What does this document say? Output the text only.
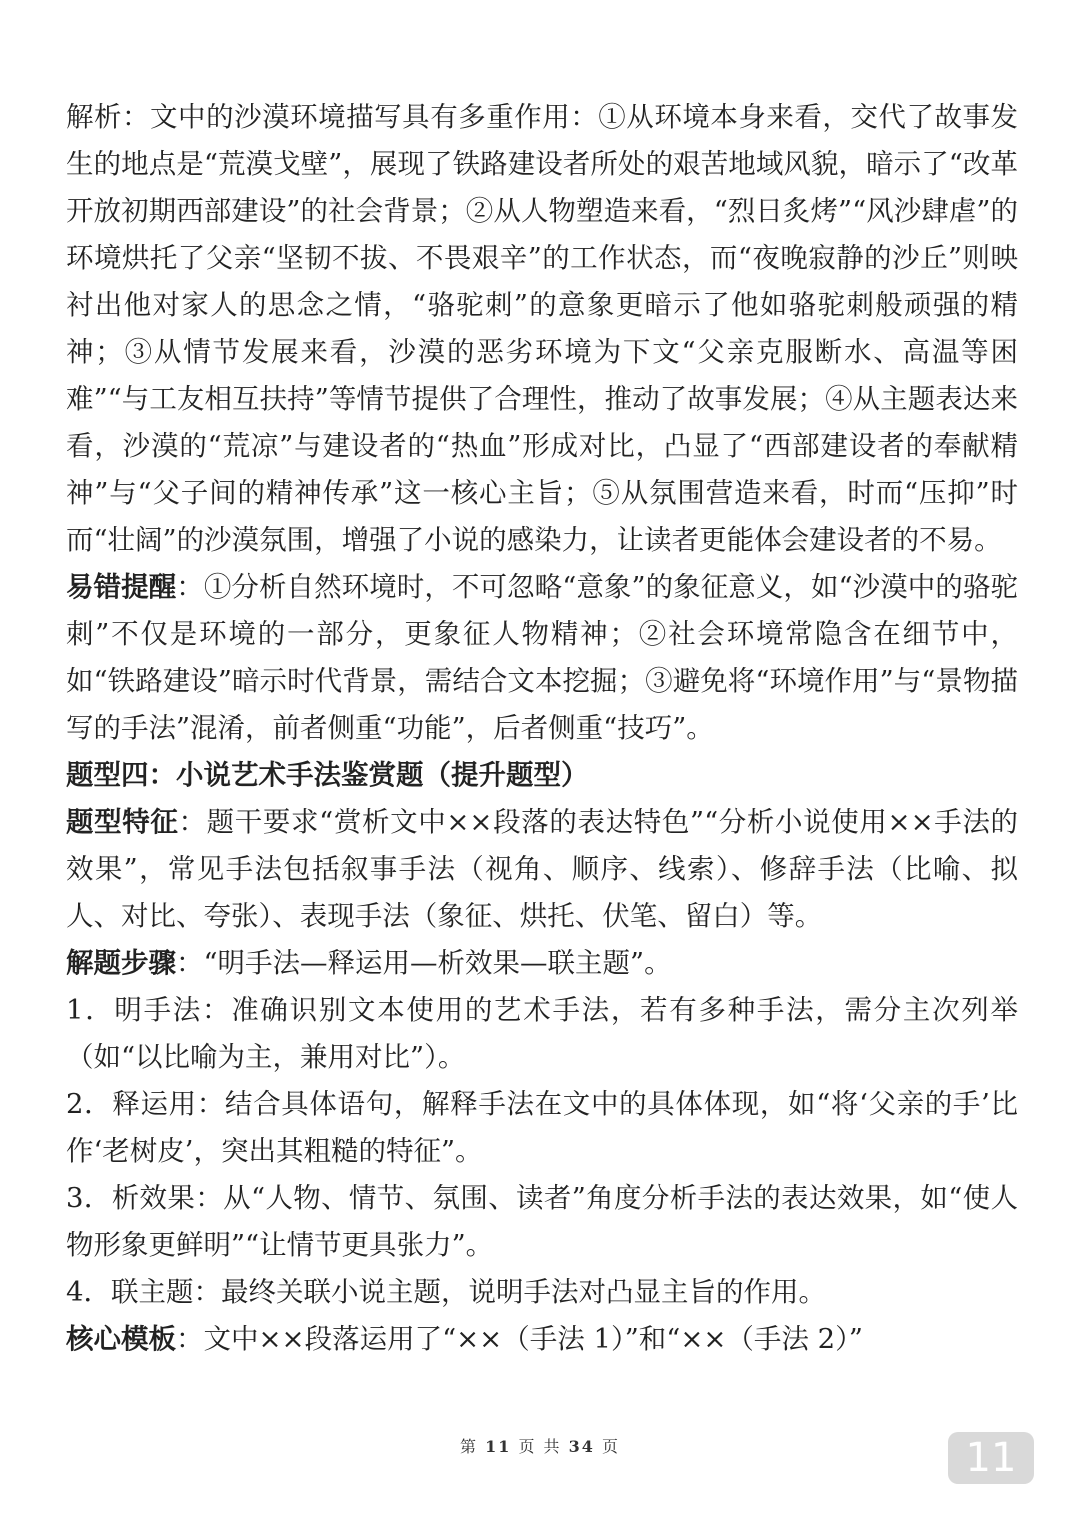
解析：文中的沙漠环境描写具有多重作用：①从环境本身来看，交代了故事发生的地点是“荒漠戈壁”，展现了铁路建设者所处的艰苦地域风貌，暗示了“改革开放初期西部建设”的社会背景；②从人物塑造来看，“烈日炙烤”“风沙肆虐”的环境烘托了父亲“坚韧不拔、不畏艰辛”的工作状态，而“夜晚寂静的沙丘”则映衬出他对家人的思念之情，“骆驼刺”的意象更暗示了他如骆驼刺般顽强的精神；③从情节发展来看，沙漠的恶劣环境为下文“父亲克服断水、高温等困难”“与工友相互扶持”等情节提供了合理性，推动了故事发展；④从主题表达来看，沙漠的“荒凉”与建设者的“热血”形成对比，凸显了“西部建设者的奉献精神”与“父子间的精神传承”这一核心主旨；⑤从氛围营造来看，时而“压抑”时而“壮阔”的沙漠氛围，增强了小说的感染力，让读者更能体会建设者的不易。

易错提醒：①分析自然环境时，不可忽略“意象”的象征意义，如“沙漠中的骆驼刺”不仅是环境的一部分，更象征人物精神；②社会环境常隐含在细节中，如“铁路建设”暗示时代背景，需结合文本挖掘；③避免将“环境作用”与“景物描写的手法”混淆，前者侧重“功能”，后者侧重“技巧”。

题型四：小说艺术手法鉴赏题（提升题型）

题型特征：题干要求“赏析文中××段落的表达特色”“分析小说使用××手法的效果”，常见手法包括叙事手法（视角、顺序、线索）、修辞手法（比喻、拟人、对比、夸张）、表现手法（象征、烘托、伏笔、留白）等。

解题步骤：“明手法—释运用—析效果—联主题”。

1．明手法：准确识别文本使用的艺术手法，若有多种手法，需分主次列举（如“以比喻为主，兼用对比”）。

2．释运用：结合具体语句，解释手法在文中的具体体现，如“将‘父亲的手’比作‘老树皮’，突出其粗糙的特征”。

3．析效果：从“人物、情节、氛围、读者”角度分析手法的表达效果，如“使人物形象更鲜明”“让情节更具张力”。

4．联主题：最终关联小说主题，说明手法对凸显主旨的作用。

核心模板：文中××段落运用了“××（手法 1）”和“××（手法 2）”

第 11 页 共 34 页	11
